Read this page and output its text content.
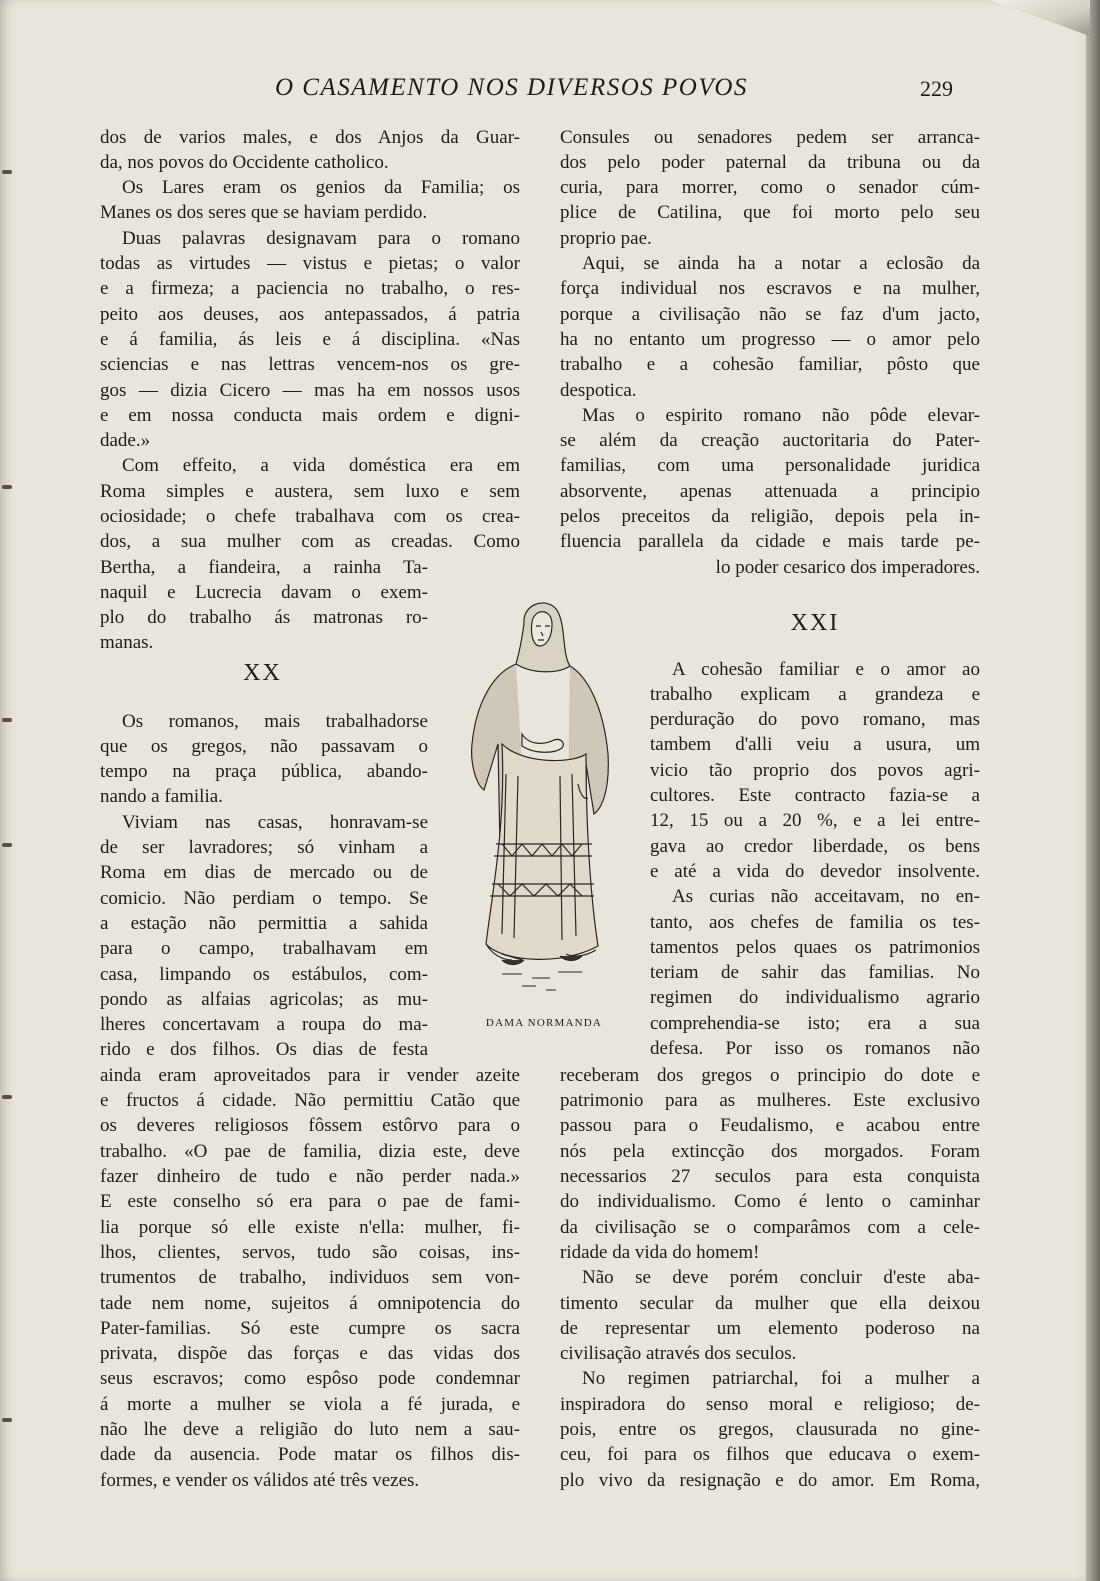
O CASAMENTO NOS DIVERSOS POVOS	229
dos de varios males, e dos Anjos da Guar-
da, nos povos do Occidente catholico.
Os Lares eram os genios da Familia; os
Manes os dos seres que se haviam perdido.
Duas palavras designavam para o romano
todas as virtudes — vistus e pietas; o valor
e a firmeza; a paciencia no trabalho, o res-
peito aos deuses, aos antepassados, á patria
e á familia, ás leis e á disciplina. «Nas
sciencias e nas lettras vencem-nos os gre-
gos — dizia Cicero — mas ha em nossos usos
e em nossa conducta mais ordem e digni-
dade.»
Com effeito, a vida doméstica era em
Roma simples e austera, sem luxo e sem
ociosidade; o chefe trabalhava com os crea-
dos, a sua mulher com as creadas. Como
Bertha, a fiandeira, a rainha Ta-
naquil e Lucrecia davam o exem-
plo do trabalho ás matronas ro-
manas.
Os romanos, mais trabalhadorse
que os gregos, não passavam o
tempo na praça pública, abando-
nando a familia.
Viviam nas casas, honravam-se
de ser lavradores; só vinham a
Roma em dias de mercado ou de
comicio. Não perdiam o tempo. Se
a estação não permittia a sahida
para o campo, trabalhavam em
casa, limpando os estábulos, com-
pondo as alfaias agricolas; as mu-
lheres concertavam a roupa do ma-
rido e dos filhos. Os dias de festa
ainda eram aproveitados para ir vender azeite
e fructos á cidade. Não permittiu Catão que
os deveres religiosos fôssem estôrvo para o
trabalho. «O pae de familia, dizia este, deve
fazer dinheiro de tudo e não perder nada.»
E este conselho só era para o pae de fami-
lia porque só elle existe n'ella: mulher, fi-
lhos, clientes, servos, tudo são coisas, ins-
trumentos de trabalho, individuos sem von-
tade nem nome, sujeitos á omnipotencia do
Pater-familias. Só este cumpre os sacra
privata, dispõe das forças e das vidas dos
seus escravos; como espôso pode condemnar
á morte a mulher se viola a fé jurada, e
não lhe deve a religião do luto nem a sau-
dade da ausencia. Pode matar os filhos dis-
formes, e vender os válidos até três vezes.
Consules ou senadores pedem ser arranca-
dos pelo poder paternal da tribuna ou da
curia, para morrer, como o senador cúm-
plice de Catilina, que foi morto pelo seu
proprio pae.
Aqui, se ainda ha a notar a eclosão da
força individual nos escravos e na mulher,
porque a civilisação não se faz d'um jacto,
ha no entanto um progresso — o amor pelo
trabalho e a cohesão familiar, pôsto que
despotica.
Mas o espirito romano não pôde elevar-
se além da creação auctoritaria do Pater-
familias, com uma personalidade juridica
absorvente, apenas attenuada a principio
pelos preceitos da religião, depois pela in-
fluencia parallela da cidade e mais tarde pe-
A cohesão familiar e o amor ao
trabalho explicam a grandeza e
perduração do povo romano, mas
tambem d'alli veiu a usura, um
vicio tão proprio dos povos agri-
cultores. Este contracto fazia-se a
12, 15 ou a 20 %, e a lei entre-
gava ao credor liberdade, os bens
e até a vida do devedor insolvente.
As curias não acceitavam, no en-
tanto, aos chefes de familia os tes-
tamentos pelos quaes os patrimonios
teriam de sahir das familias. No
regimen do individualismo agrario
comprehendia-se isto; era a sua
defesa. Por isso os romanos não
receberam dos gregos o principio do dote e
patrimonio para as mulheres. Este exclusivo
passou para o Feudalismo, e acabou entre
nós pela extincção dos morgados. Foram
necessarios 27 seculos para esta conquista
do individualismo. Como é lento o caminhar
da civilisação se o comparâmos com a cele-
ridade da vida do homem!
Não se deve porém concluir d'este aba-
timento secular da mulher que ella deixou
de representar um elemento poderoso na
civilisação através dos seculos.
No regimen patriarchal, foi a mulher a
inspiradora do senso moral e religioso; de-
pois, entre os gregos, clausurada no gine-
ceu, foi para os filhos que educava o exem-
plo vivo da resignação e do amor. Em Roma,
lo poder cesarico dos imperadores.
XX
XXI
DAMA NORMANDA
